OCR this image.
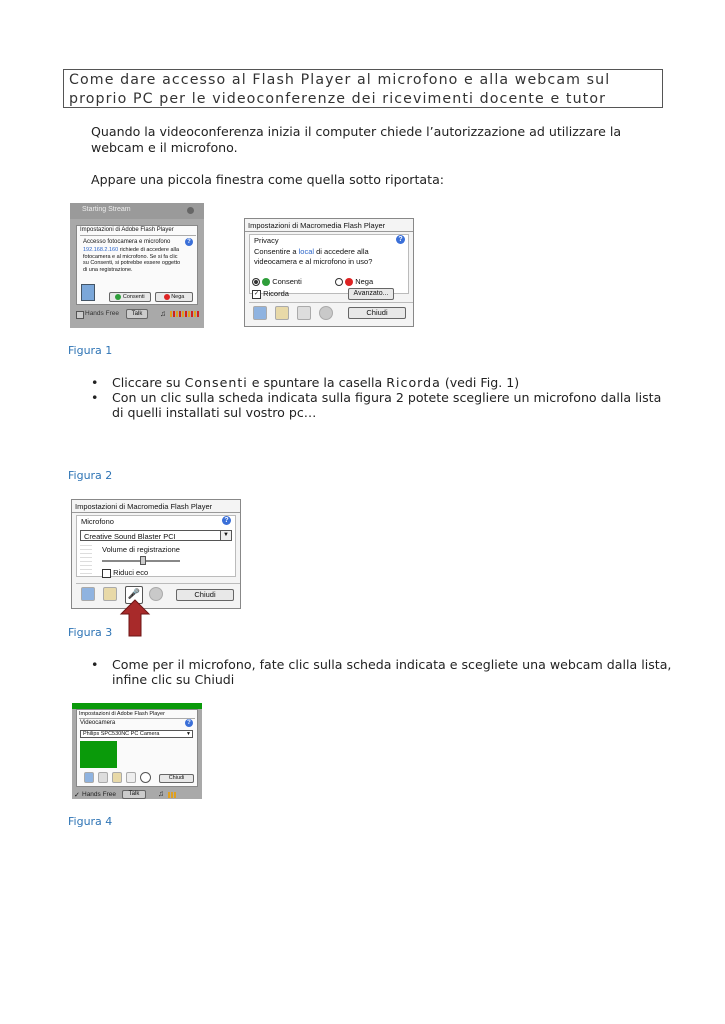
Come dare accesso al Flash Player al microfono e alla webcam sul
proprio PC per le videoconferenze dei ricevimenti docente e tutor
Quando la videoconferenza inizia il computer chiede l’autorizzazione ad utilizzare la
webcam e il microfono.
Appare una piccola finestra come quella sotto riportata:
Starting Stream
Impostazioni di Adobe Flash Player
Accesso fotocamera e microfono	?
192.168.2.160 richiede di accedere alla
fotocamera e al microfono. Se si fa clic
su Consenti, si potrebbe essere oggetto
di una registrazione.
Consenti	Nega
Hands Free	Talk	♫
Impostazioni di Macromedia Flash Player
Privacy	?
Consentire a local di accedere alla
videocamera e al microfono in uso?
Consenti	Nega
✓ Ricorda	Avanzato...
Chiudi
Figura 1
• Cliccare su Consenti e spuntare la casella Ricorda (vedi Fig. 1)
• Con un clic sulla scheda indicata sulla figura 2 potete scegliere un microfono dalla lista
di quelli installati sul vostro pc…
Figura 2
Impostazioni di Macromedia Flash Player
Microfono	?
Creative Sound Blaster PCI	▼
Volume di registrazione
Riduci eco
🎤	Chiudi
Figura 3
• Come per il microfono, fate clic sulla scheda indicata e scegliete una webcam dalla lista,
infine clic su Chiudi
Impostazioni di Adobe Flash Player
Videocamera	?
Philips SPC530NC PC Camera	▼
Chiudi
✓ Hands Free	Talk	♫
Figura 4
